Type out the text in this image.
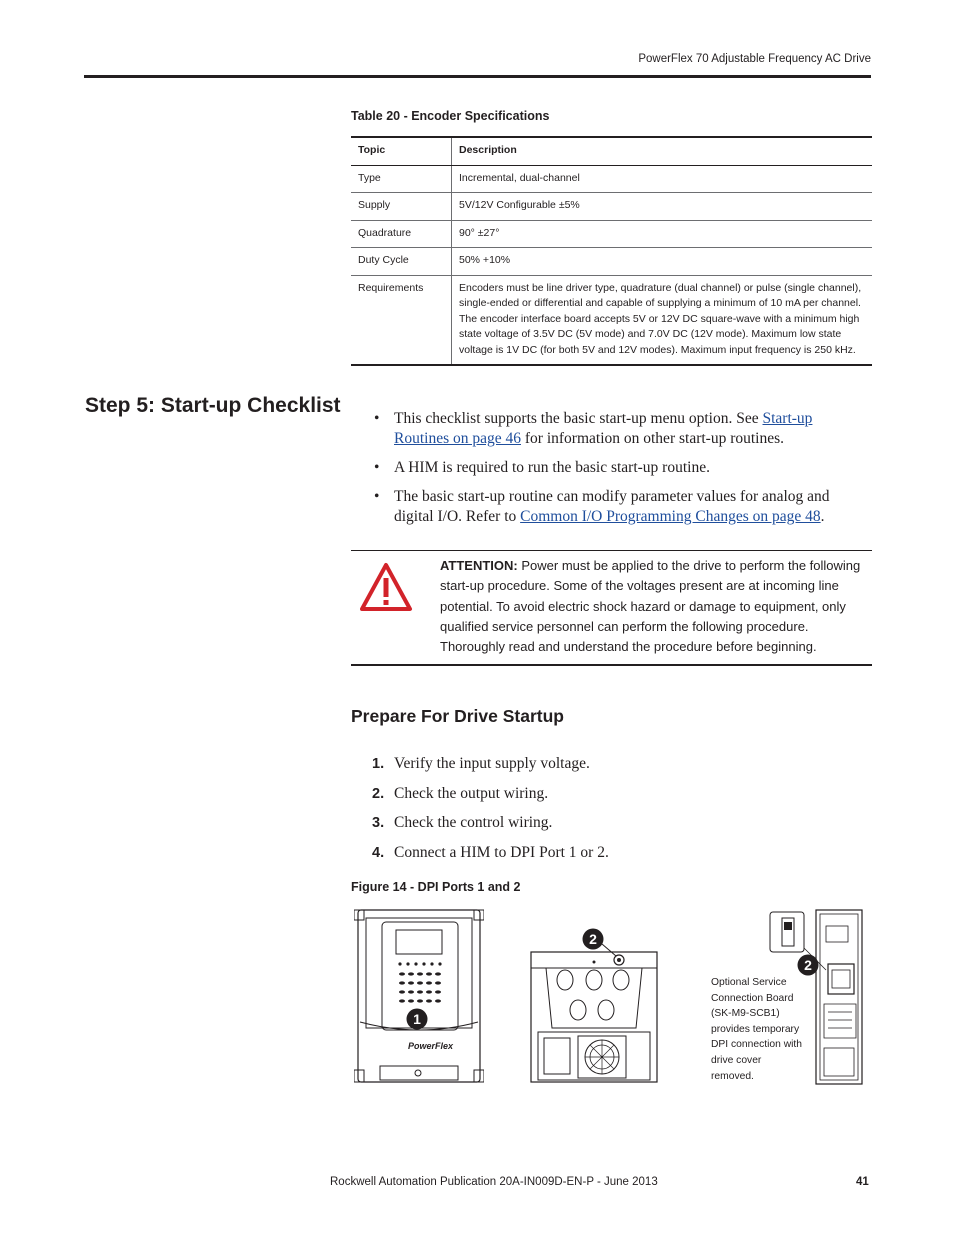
PowerFlex 70 Adjustable Frequency AC Drive
Table 20 - Encoder Specifications
Topic	Description
Type	Incremental, dual-channel
Supply	5V/12V Configurable ±5%
Quadrature	90° ±27°
Duty Cycle	50% +10%
Requirements	Encoders must be line driver type, quadrature (dual channel) or pulse (single channel), single-ended or differential and capable of supplying a minimum of 10 mA per channel. The encoder interface board accepts 5V or 12V DC square-wave with a minimum high state voltage of 3.5V DC (5V mode) and 7.0V DC (12V mode). Maximum low state voltage is 1V DC (for both 5V and 12V modes). Maximum input frequency is 250 kHz.
Step 5: Start-up Checklist
• This checklist supports the basic start-up menu option. See Start-up Routines on page 46 for information on other start-up routines.
• A HIM is required to run the basic start-up routine.
• The basic start-up routine can modify parameter values for analog and digital I/O. Refer to Common I/O Programming Changes on page 48.
ATTENTION: Power must be applied to the drive to perform the following start-up procedure. Some of the voltages present are at incoming line potential. To avoid electric shock hazard or damage to equipment, only qualified service personnel can perform the following procedure. Thoroughly read and understand the procedure before beginning.
Prepare For Drive Startup
1. Verify the input supply voltage.
2. Check the output wiring.
3. Check the control wiring.
4. Connect a HIM to DPI Port 1 or 2.
Figure 14 - DPI Ports 1 and 2
PowerFlex
1
2
2
Optional Service Connection Board (SK-M9-SCB1) provides temporary DPI connection with drive cover removed.
Rockwell Automation Publication 20A-IN009D-EN-P - June 2013	41
